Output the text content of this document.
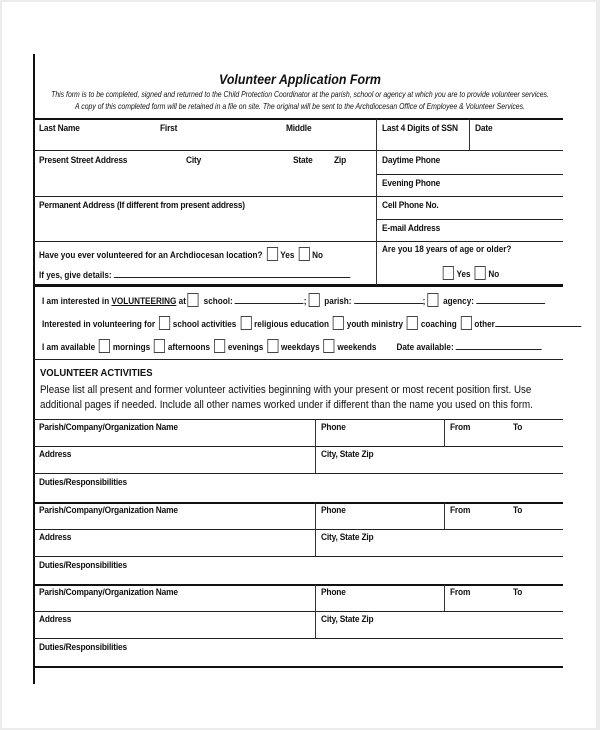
Volunteer Application Form
This form is to be completed, signed and returned to the Child Protection Coordinator at the parish, school or agency at which you are to provide volunteer services.
A copy of this completed form will be retained in a file on site. The original will be sent to the Archdiocesan Office of Employee & Volunteer Services.
Last Name	First	Middle	Last 4 Digits of SSN Date
Present Street Address	City	State Zip	Daytime Phone
Evening Phone
Permanent Address (If different from present address)	Cell Phone No.
E-mail Address
Have you ever volunteered for an Archdiocesan location? Yes No
If yes, give details:
Are you 18 years of age or older?
Yes No
I am interested in VOLUNTEERING at school:	; parish:	; agency:
Interested in volunteering for school activities religious education youth ministry coaching other
I am available mornings afternoons evenings weekdays weekends Date available:
VOLUNTEER ACTIVITIES
Please list all present and former volunteer activities beginning with your present or most recent position first. Use additional pages if needed. Include all other names worked under if different than the name you used on this form.
Parish/Company/Organization Name	Phone	From	To
Address	City, State Zip
Duties/Responsibilities
Parish/Company/Organization Name	Phone	From	To
Address	City, State Zip
Duties/Responsibilities
Parish/Company/Organization Name	Phone	From	To
Address	City, State Zip
Duties/Responsibilities
